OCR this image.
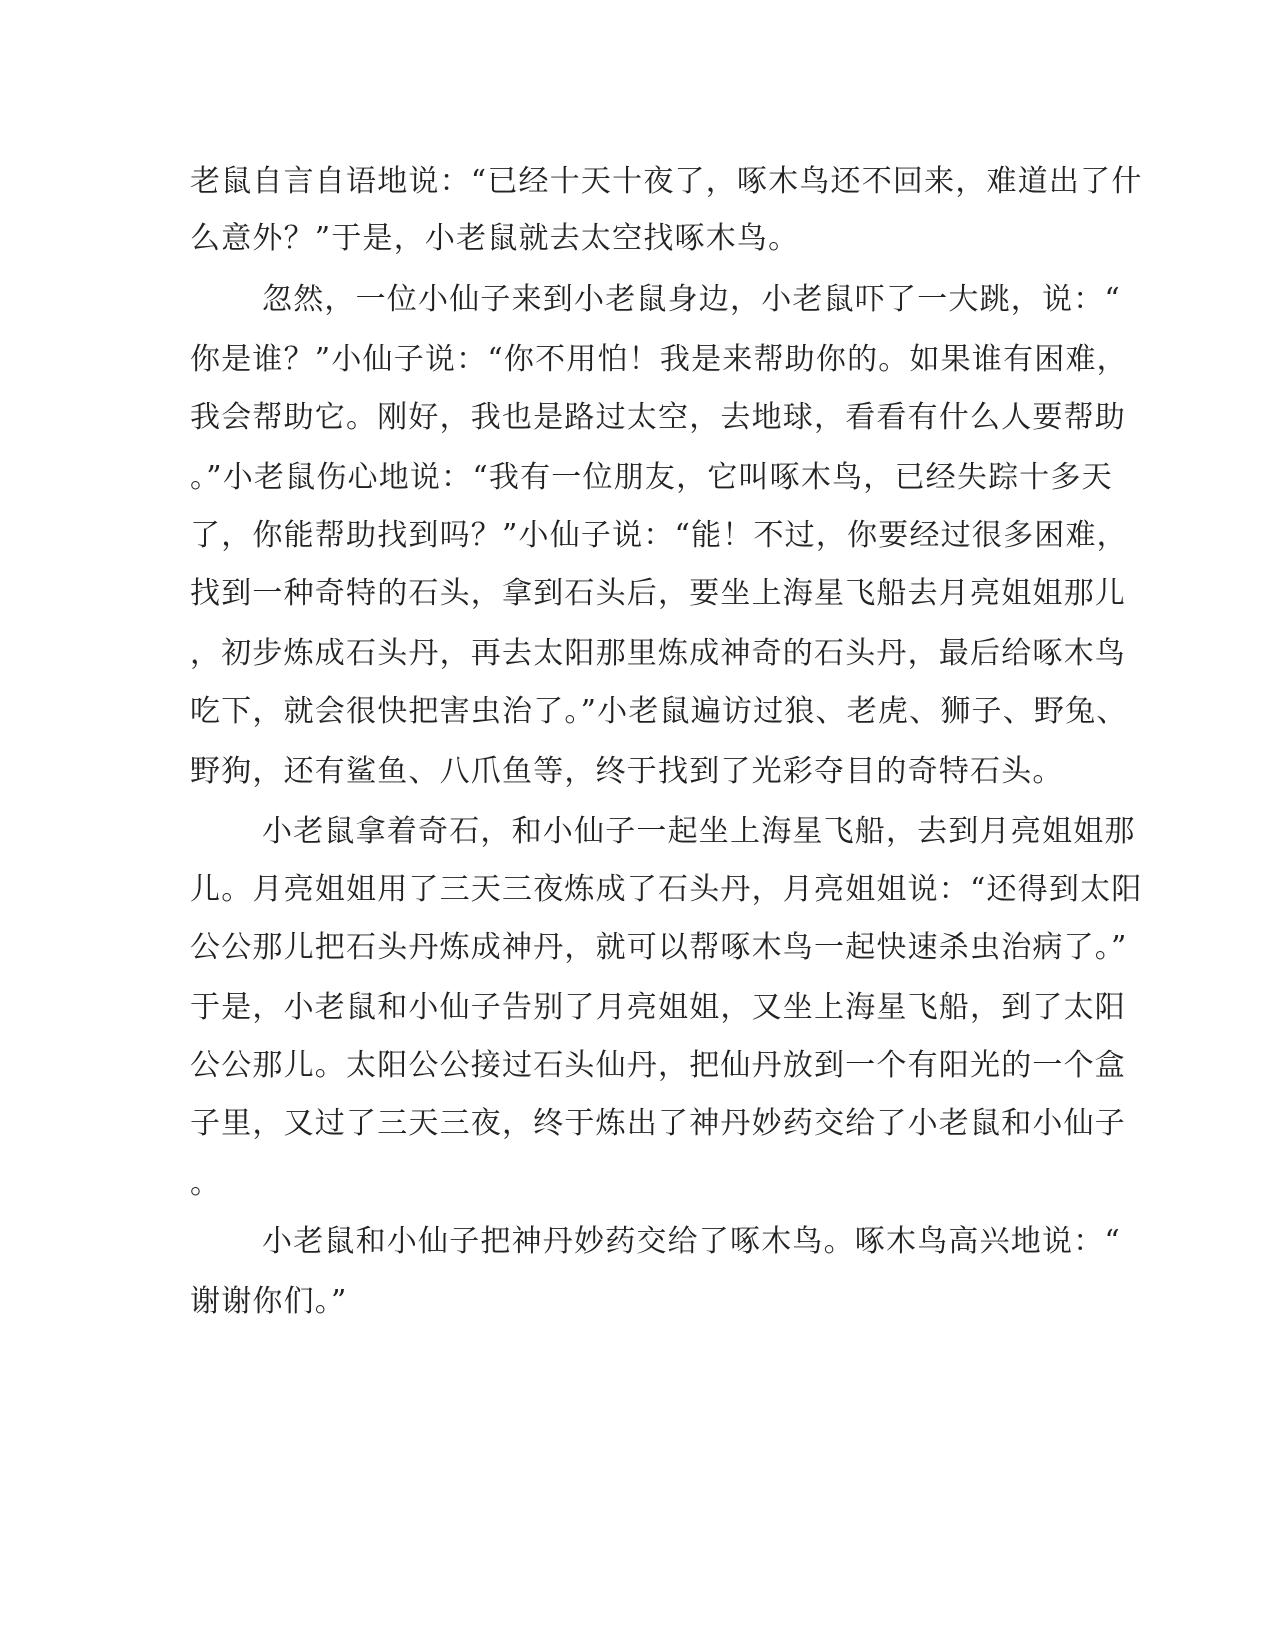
老鼠自言自语地说：“已经十天十夜了，啄木鸟还不回来，难道出了什
么意外？”于是，小老鼠就去太空找啄木鸟。
忽然，一位小仙子来到小老鼠身边，小老鼠吓了一大跳，说：“
你是谁？”小仙子说：“你不用怕！我是来帮助你的。如果谁有困难，
我会帮助它。刚好，我也是路过太空，去地球，看看有什么人要帮助
。”小老鼠伤心地说：“我有一位朋友，它叫啄木鸟，已经失踪十多天
了，你能帮助找到吗？”小仙子说：“能！不过，你要经过很多困难，
找到一种奇特的石头，拿到石头后，要坐上海星飞船去月亮姐姐那儿
，初步炼成石头丹，再去太阳那里炼成神奇的石头丹，最后给啄木鸟
吃下，就会很快把害虫治了。”小老鼠遍访过狼、老虎、狮子、野兔、
野狗，还有鲨鱼、八爪鱼等，终于找到了光彩夺目的奇特石头。
小老鼠拿着奇石，和小仙子一起坐上海星飞船，去到月亮姐姐那
儿。月亮姐姐用了三天三夜炼成了石头丹，月亮姐姐说：“还得到太阳
公公那儿把石头丹炼成神丹，就可以帮啄木鸟一起快速杀虫治病了。”
于是，小老鼠和小仙子告别了月亮姐姐，又坐上海星飞船，到了太阳
公公那儿。太阳公公接过石头仙丹，把仙丹放到一个有阳光的一个盒
子里，又过了三天三夜，终于炼出了神丹妙药交给了小老鼠和小仙子
。
小老鼠和小仙子把神丹妙药交给了啄木鸟。啄木鸟高兴地说：“
谢谢你们。”
